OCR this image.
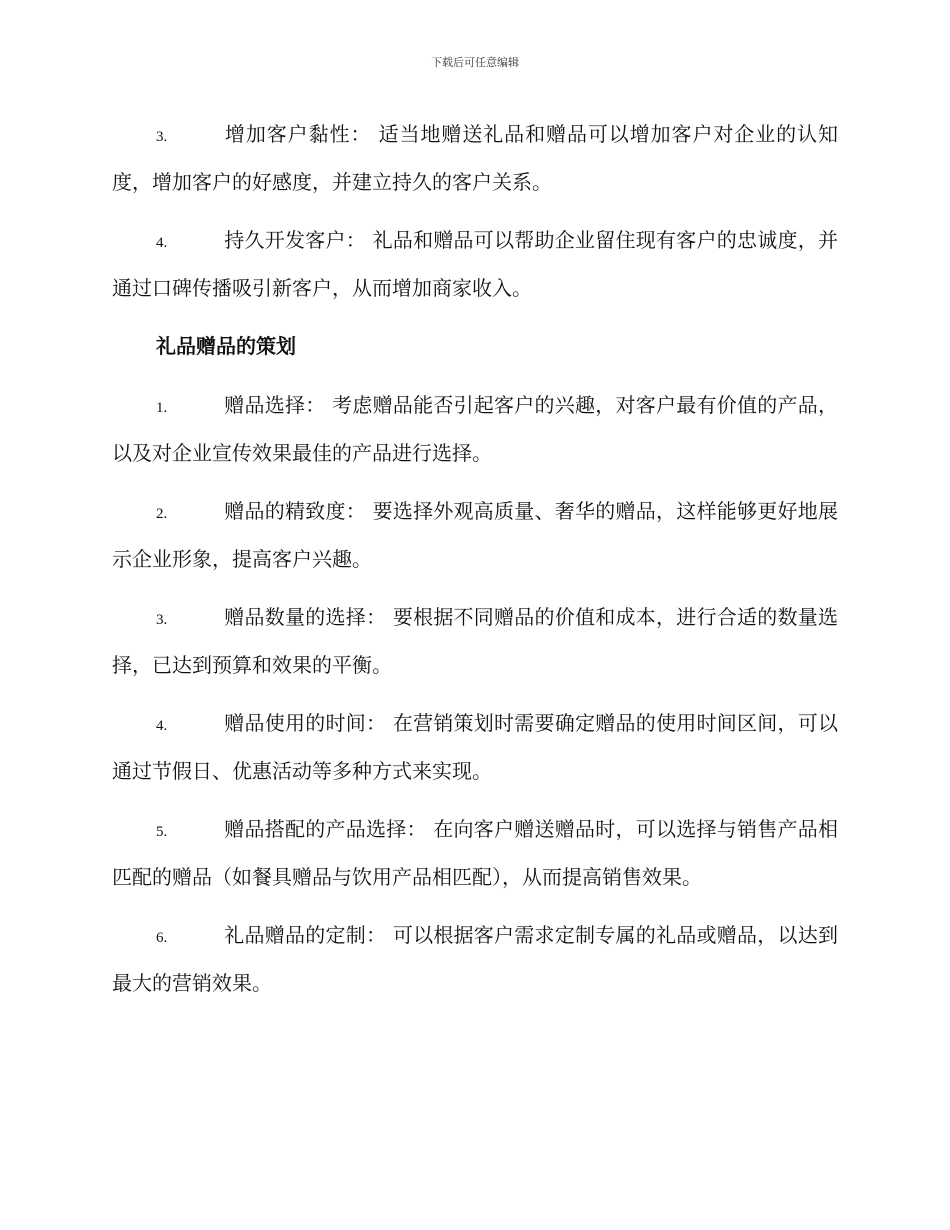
下载后可任意编辑

3.	增加客户黏性： 适当地赠送礼品和赠品可以增加客户对企业的认知度，增加客户的好感度，并建立持久的客户关系。

4.	持久开发客户： 礼品和赠品可以帮助企业留住现有客户的忠诚度，并通过口碑传播吸引新客户，从而增加商家收入。

礼品赠品的策划

1.	赠品选择： 考虑赠品能否引起客户的兴趣，对客户最有价值的产品，以及对企业宣传效果最佳的产品进行选择。

2.	赠品的精致度： 要选择外观高质量、奢华的赠品，这样能够更好地展示企业形象，提高客户兴趣。

3.	赠品数量的选择： 要根据不同赠品的价值和成本，进行合适的数量选择，已达到预算和效果的平衡。

4.	赠品使用的时间： 在营销策划时需要确定赠品的使用时间区间，可以通过节假日、优惠活动等多种方式来实现。

5.	赠品搭配的产品选择： 在向客户赠送赠品时，可以选择与销售产品相匹配的赠品（如餐具赠品与饮用产品相匹配），从而提高销售效果。

6.	礼品赠品的定制： 可以根据客户需求定制专属的礼品或赠品，以达到最大的营销效果。
